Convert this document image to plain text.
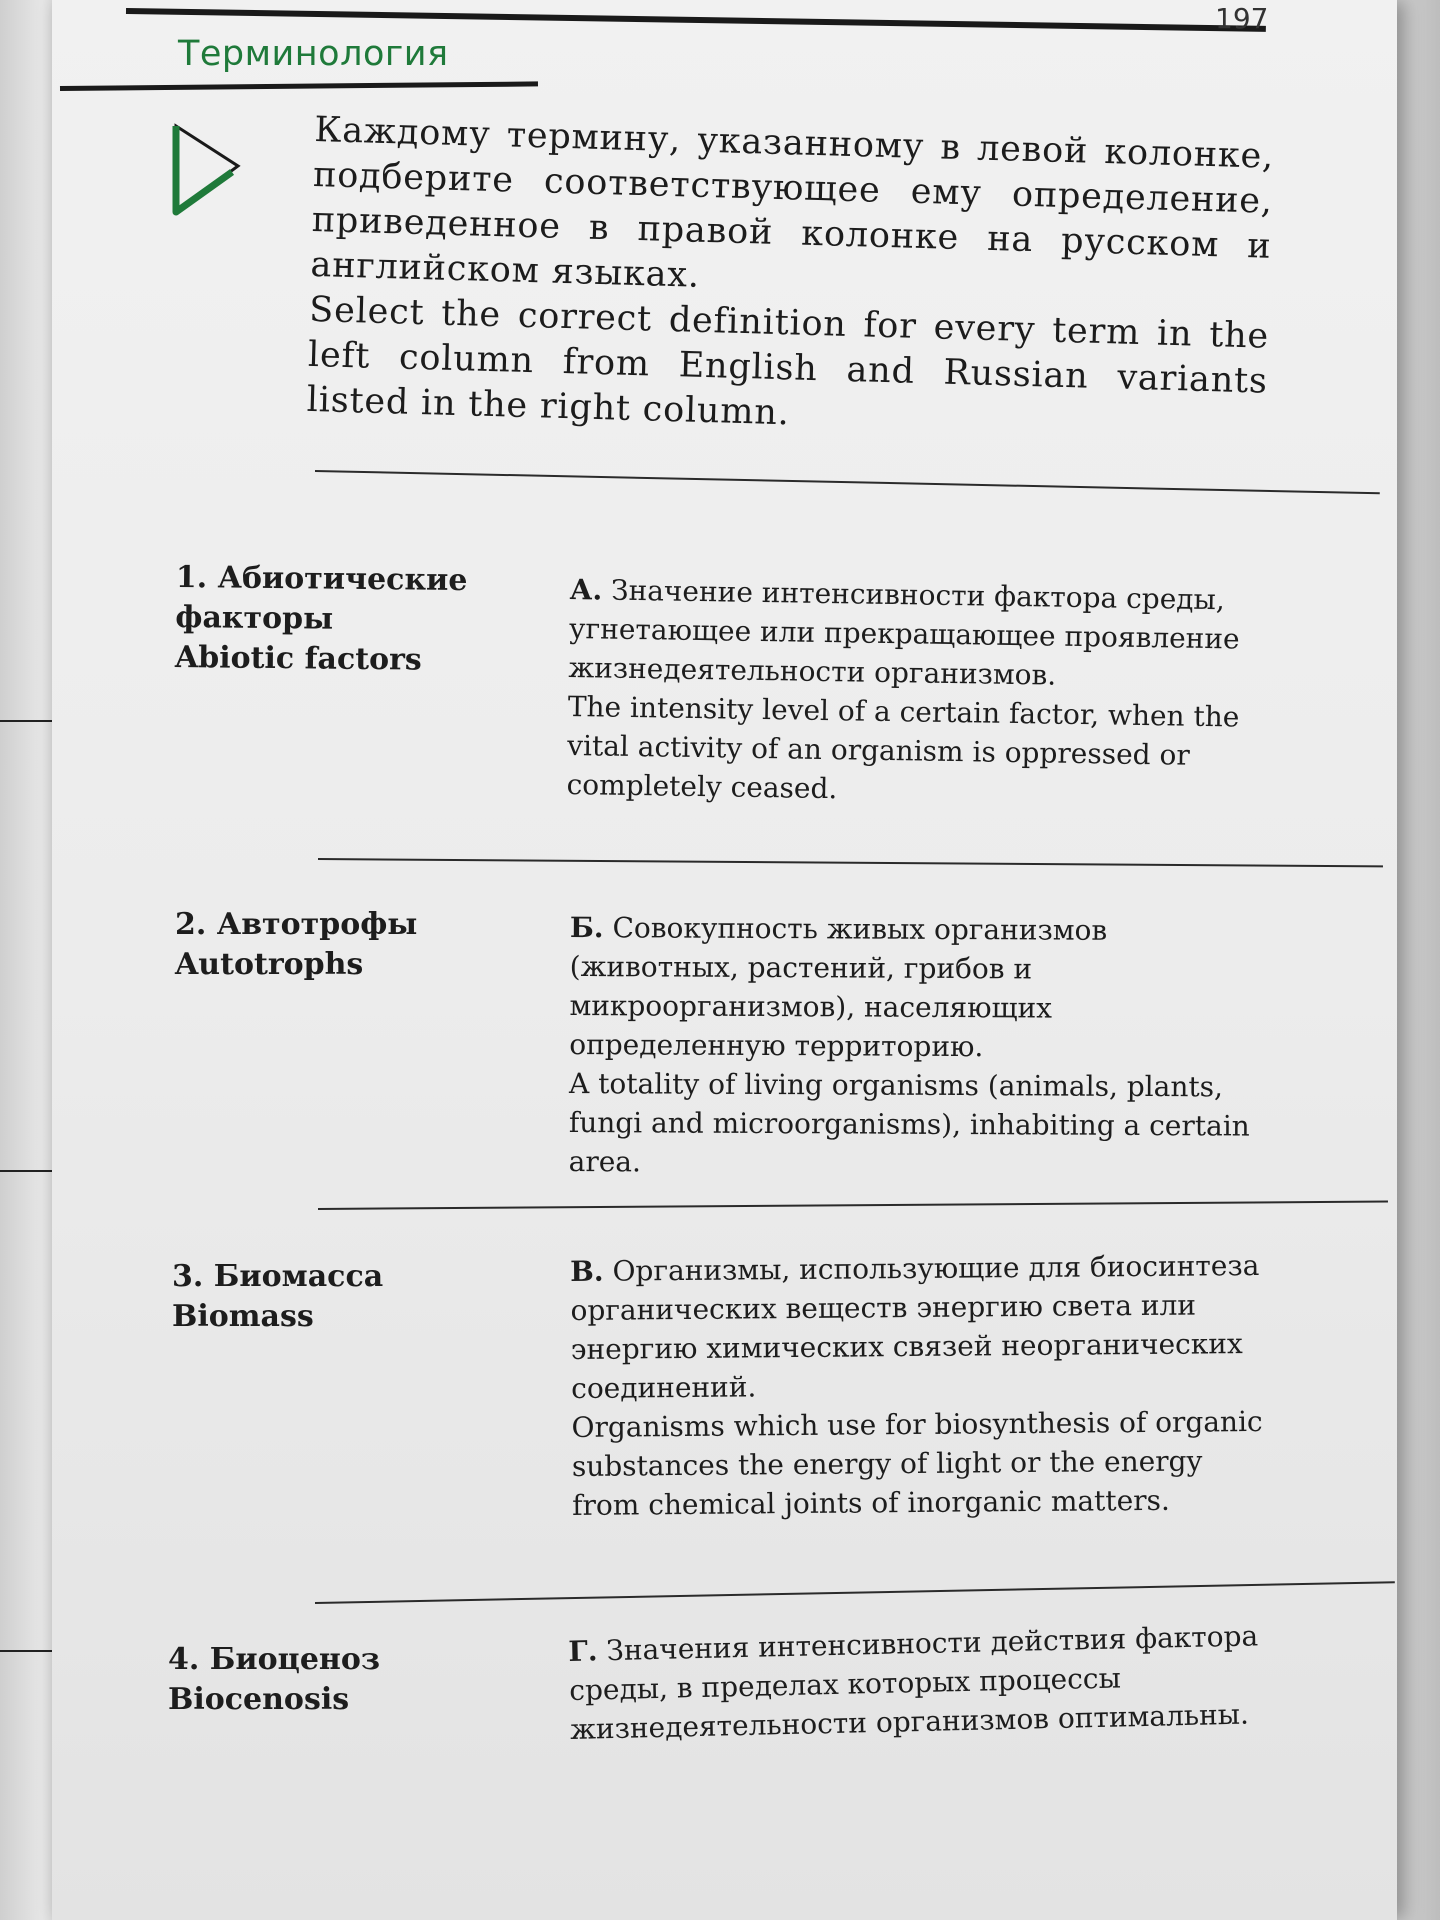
197
Терминология

Каждому термину, указанному в левой колонке, подберите соответствующее ему определение, приведенное в правой колонке на русском и английском языках.

Select the correct definition for every term in the left column from English and Russian variants listed in the right column.

1. Абиотические факторы
Abiotic factors
А. Значение интенсивности фактора среды, угнетающее или прекращающее проявление жизнедеятельности организмов.
The intensity level of a certain factor, when the vital activity of an organism is oppressed or completely ceased.
2. Автотрофы
Autotrophs
Б. Совокупность живых организмов (животных, растений, грибов и микроорганизмов), населяющих определенную территорию.
A totality of living organisms (animals, plants, fungi and microorganisms), inhabiting a certain area.
3. Биомасса
Biomass
В. Организмы, использующие для биосинтеза органических веществ энергию света или энергию химических связей неорганических соединений.
Organisms which use for biosynthesis of organic substances the energy of light or the energy from chemical joints of inorganic matters.
4. Биоценоз
Biocenosis
Г. Значения интенсивности действия фактора среды, в пределах которых процессы жизнедеятельности организмов оптимальны.
